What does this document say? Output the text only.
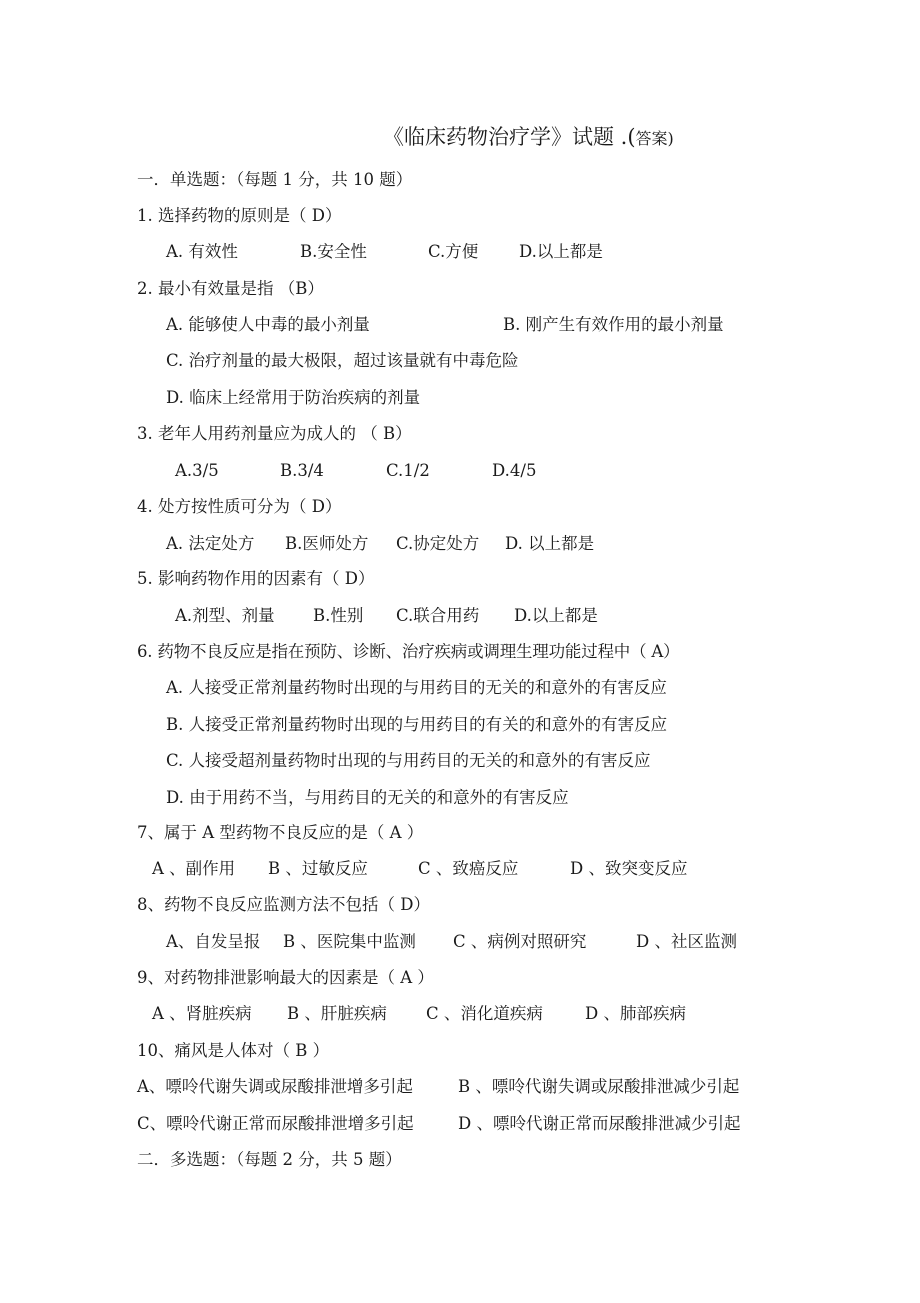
《临床药物治疗学》试题 .(答案)
一．单选题：（每题 1 分，共 10 题）
1. 选择药物的原则是（ D）
A. 有效性	B.安全性	C.方便 D.以上都是
2. 最小有效量是指 （B）
A. 能够使人中毒的最小剂量	B. 刚产生有效作用的最小剂量
C. 治疗剂量的最大极限，超过该量就有中毒危险
D. 临床上经常用于防治疾病的剂量
3. 老年人用药剂量应为成人的 （ B）
A.3/5	B.3/4	C.1/2	D.4/5
4. 处方按性质可分为（ D）
A. 法定处方 B.医师处方 C.协定处方 D. 以上都是
5. 影响药物作用的因素有（ D）
A.剂型、剂量 B.性别 C.联合用药 D.以上都是
6. 药物不良反应是指在预防、诊断、治疗疾病或调理生理功能过程中（ A）
A. 人接受正常剂量药物时出现的与用药目的无关的和意外的有害反应
B. 人接受正常剂量药物时出现的与用药目的有关的和意外的有害反应
C. 人接受超剂量药物时出现的与用药目的无关的和意外的有害反应
D. 由于用药不当，与用药目的无关的和意外的有害反应
7、属于 A 型药物不良反应的是（ A ）
A 、副作用 B 、过敏反应	C 、致癌反应	D 、致突变反应
8、药物不良反应监测方法不包括（ D）
A、自发呈报 B 、医院集中监测 C 、病例对照研究	D 、社区监测
9、对药物排泄影响最大的因素是（ A ）
A 、肾脏疾病 B 、肝脏疾病 C 、消化道疾病	D 、肺部疾病
10、痛风是人体对（ B ）
A、嘌呤代谢失调或尿酸排泄增多引起	B 、嘌呤代谢失调或尿酸排泄减少引起
C、嘌呤代谢正常而尿酸排泄增多引起	D 、嘌呤代谢正常而尿酸排泄减少引起
二．多选题：（每题 2 分，共 5 题）
